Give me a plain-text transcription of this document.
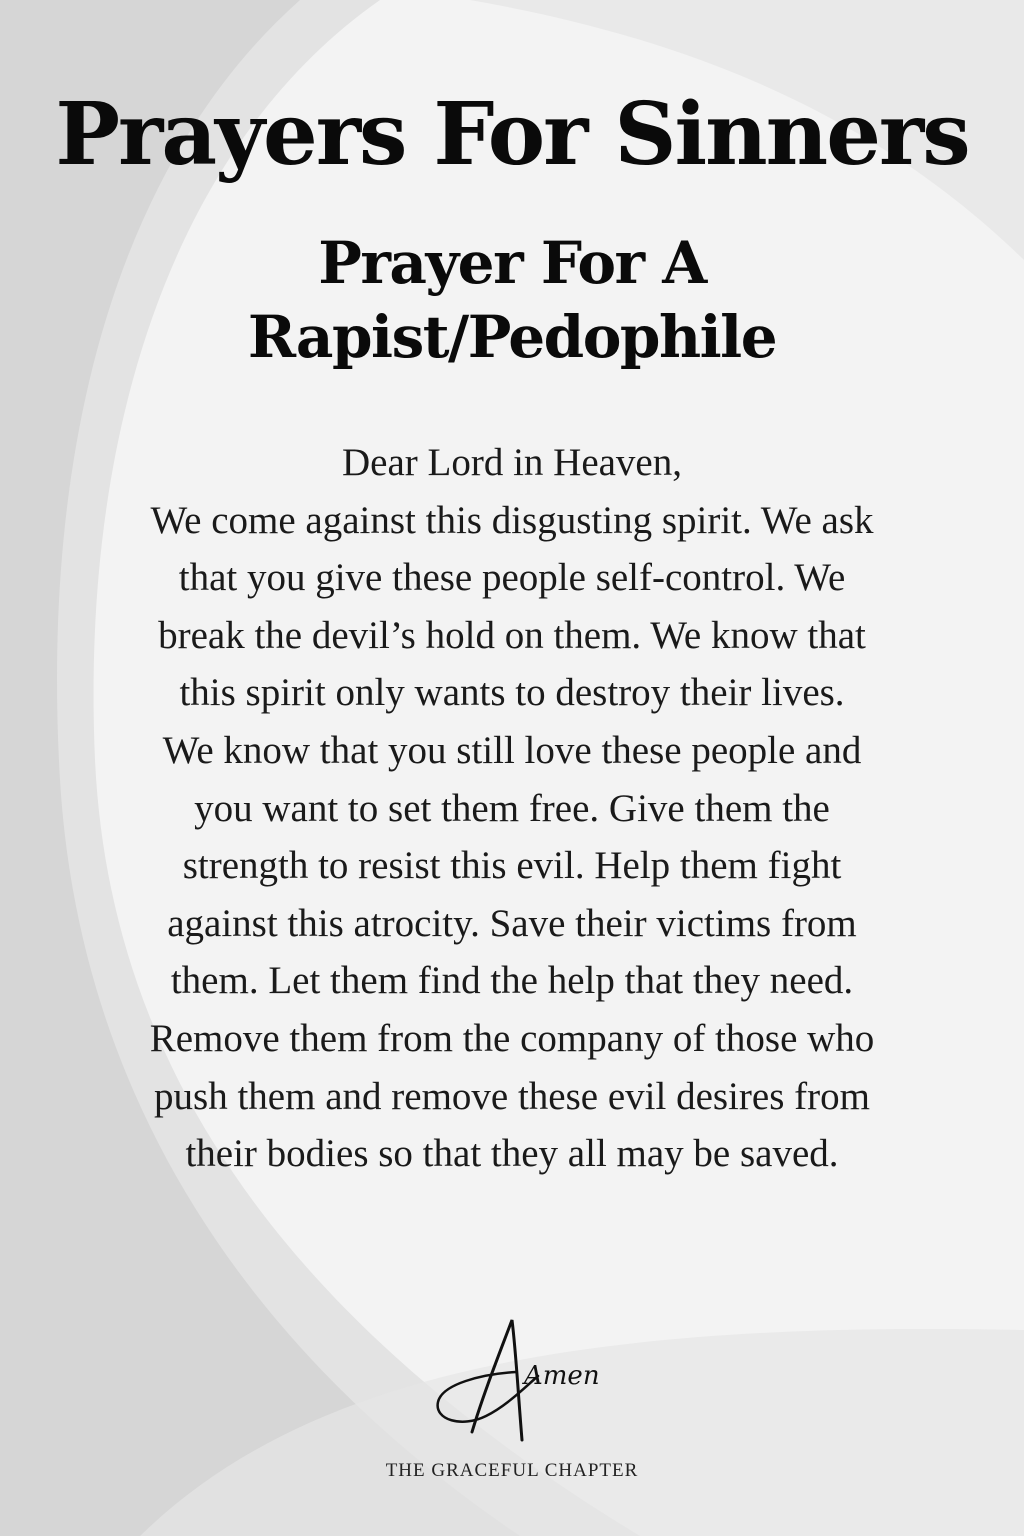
Prayers For Sinners
Prayer For A
Rapist/Pedophile
Dear Lord in Heaven,
We come against this disgusting spirit. We ask
that you give these people self-control. We
break the devil’s hold on them. We know that
this spirit only wants to destroy their lives.
We know that you still love these people and
you want to set them free. Give them the
strength to resist this evil. Help them fight
against this atrocity. Save their victims from
them. Let them find the help that they need.
Remove them from the company of those who
push them and remove these evil desires from
their bodies so that they all may be saved.
Amen

THE GRACEFUL CHAPTER
